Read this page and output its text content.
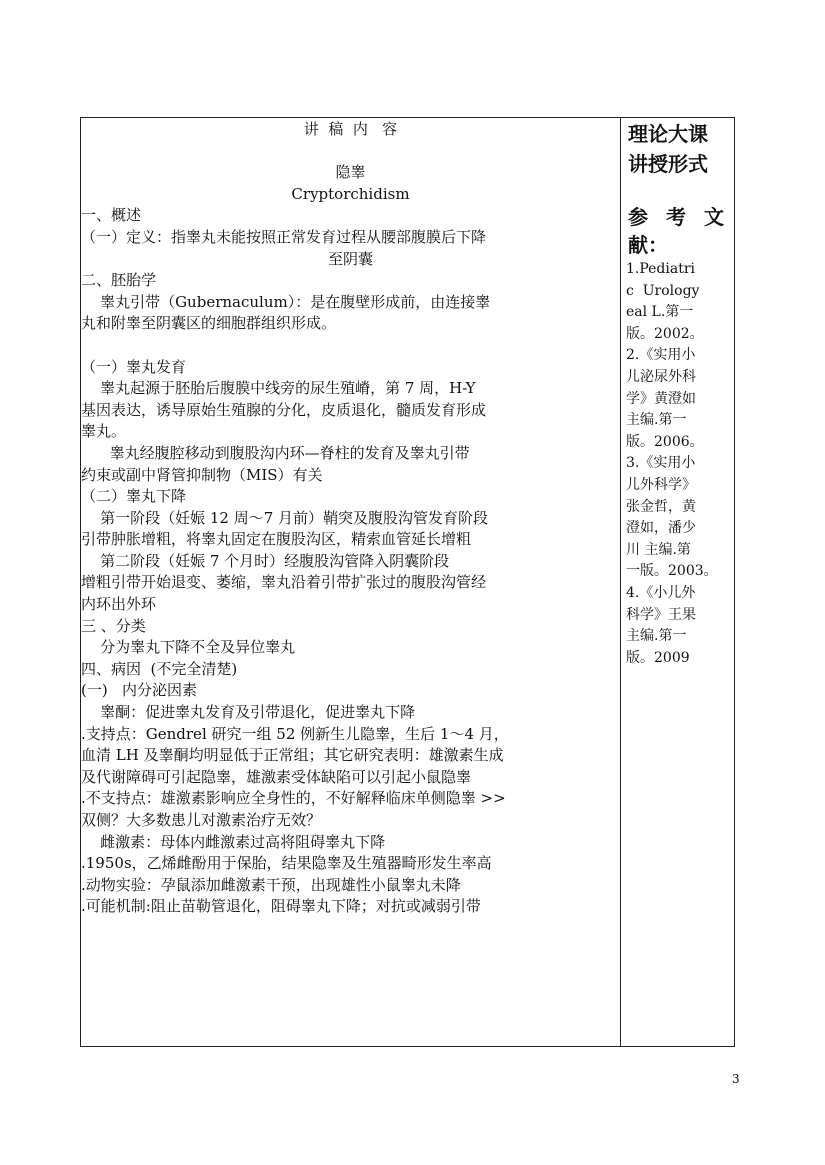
讲  稿  内   容
隐睾
Cryptorchidism
一、概述
（一）定义：指睾丸未能按照正常发育过程从腰部腹膜后下降
至阴囊
二、胚胎学
睾丸引带（Gubernaculum）：是在腹壁形成前，由连接睾
丸和附睾至阴囊区的细胞群组织形成。
（一）睾丸发育
睾丸起源于胚胎后腹膜中线旁的尿生殖嵴，第 7 周，H-Y
基因表达，诱导原始生殖腺的分化，皮质退化，髓质发育形成
睾丸。
睾丸经腹腔移动到腹股沟内环—脊柱的发育及睾丸引带
约束或副中肾管抑制物（MIS）有关
（二）睾丸下降
第一阶段（妊娠 12 周～7 月前）鞘突及腹股沟管发育阶段
引带肿胀增粗，将睾丸固定在腹股沟区，精索血管延长增粗
第二阶段（妊娠 7 个月时）经腹股沟管降入阴囊阶段
增粗引带开始退变、萎缩，睾丸沿着引带扩张过的腹股沟管经
内环出外环
三 、分类
分为睾丸下降不全及异位睾丸
四、病因  (不完全清楚)
(一)   内分泌因素
睾酮：促进睾丸发育及引带退化，促进睾丸下降
.支持点：Gendrel 研究一组 52 例新生儿隐睾，生后 1～4 月，
血清 LH 及睾酮均明显低于正常组；其它研究表明：雄激素生成
及代谢障碍可引起隐睾，雄激素受体缺陷可以引起小鼠隐睾
.不支持点：雄激素影响应全身性的，不好解释临床单侧隐睾 >>
双侧？大多数患儿对激素治疗无效？
雌激素：母体内雌激素过高将阻碍睾丸下降
.1950s，乙烯雌酚用于保胎，结果隐睾及生殖器畸形发生率高
.动物实验：孕鼠添加雌激素干预，出现雄性小鼠睾丸未降
.可能机制:阻止苗勒管退化，阻碍睾丸下降；对抗或减弱引带
理论大课
讲授形式
参考文
献：
1.Pediatri
c  Urology
eal L.第一
版。2002。
2.《实用小
儿泌尿外科
学》黄澄如
主编.第一
版。2006。
3.《实用小
儿外科学》
张金哲，黄
澄如，潘少
川 主编.第
一版。2003。
4.《小儿外
科学》王果
主编.第一
版。2009
3
